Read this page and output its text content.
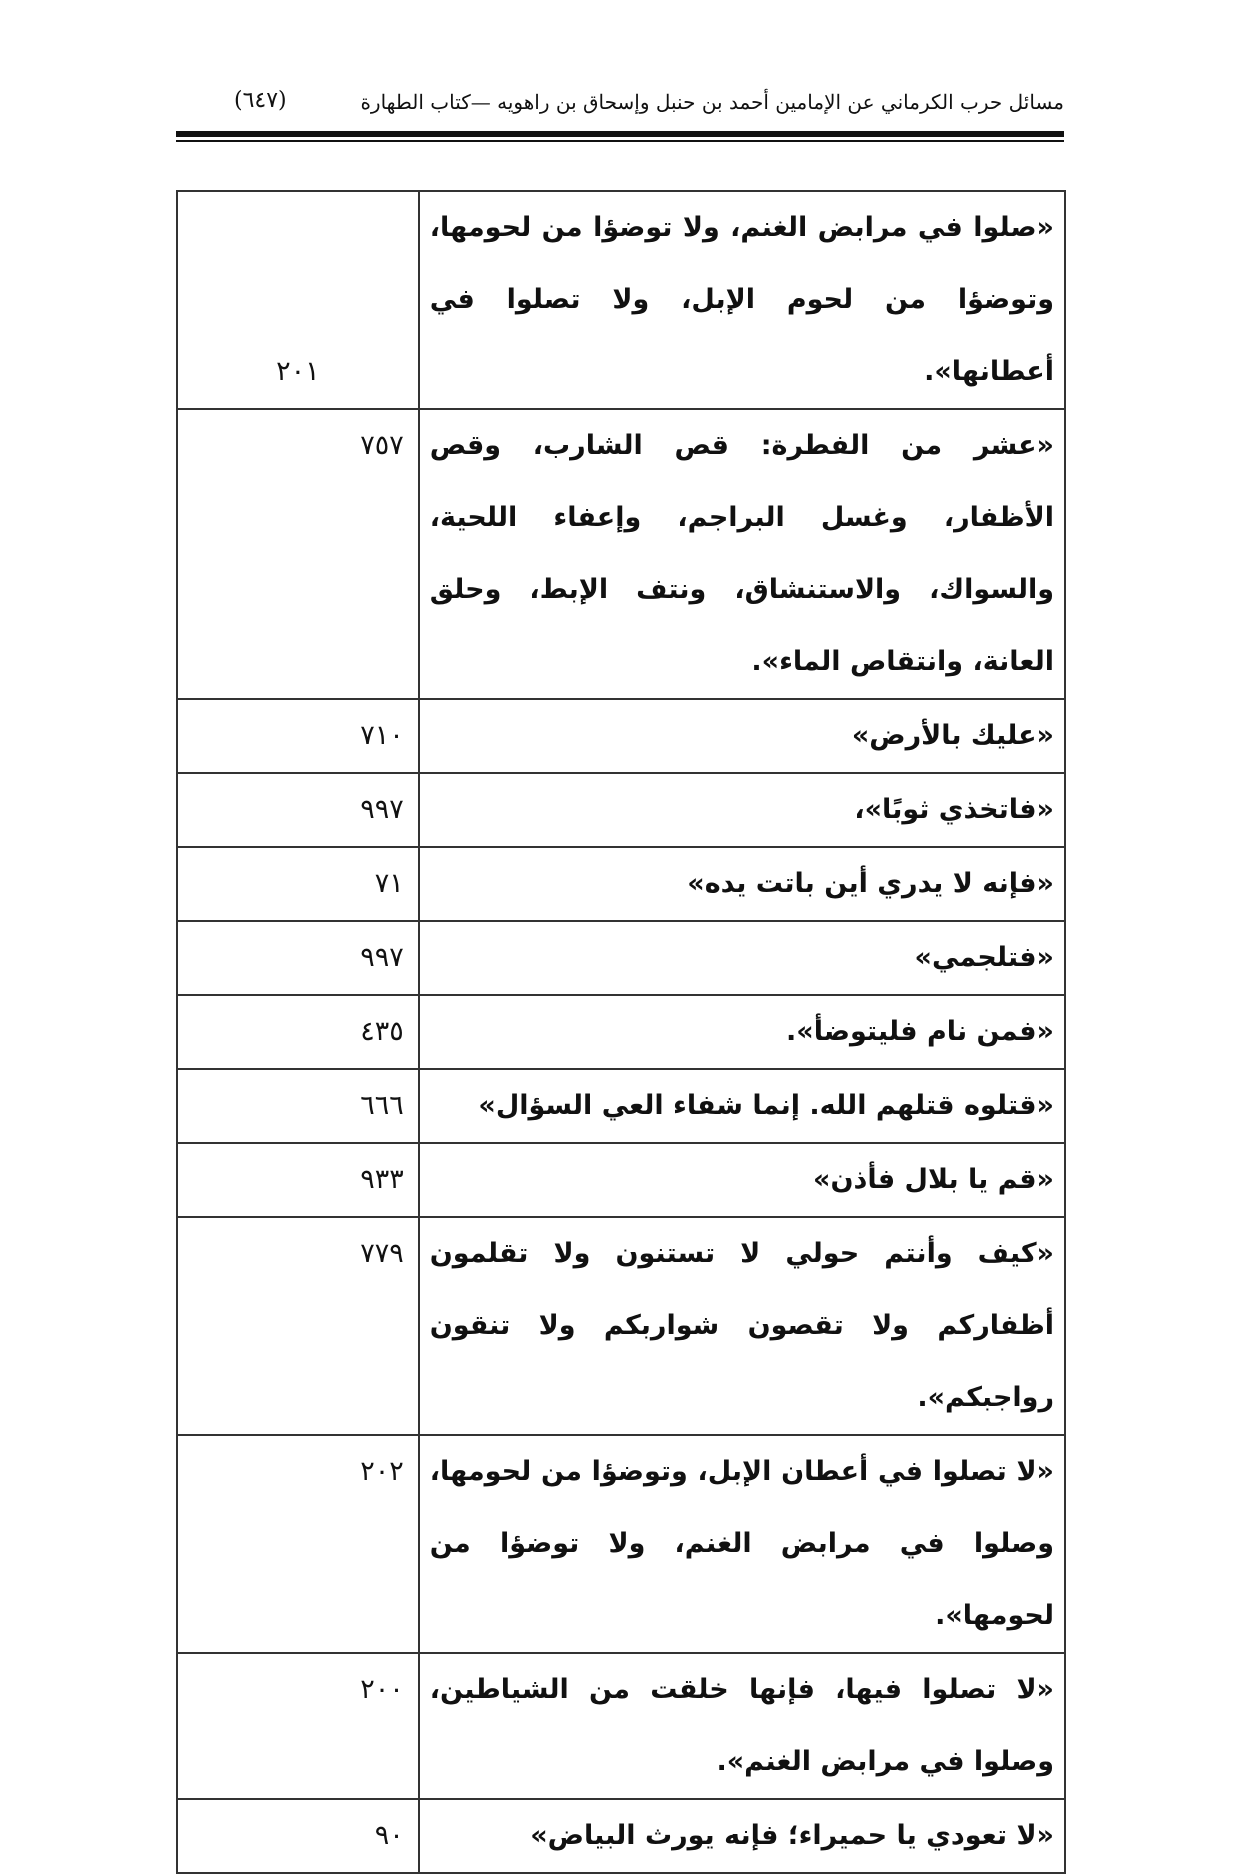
مسائل حرب الكرماني عن الإمامين أحمد بن حنبل وإسحاق بن راهويه —كتاب الطهارة
(٦٤٧)
«صلوا في مرابض الغنم، ولا توضؤا من لحومها، وتوضؤا من لحوم الإبل، ولا تصلوا في أعطانها».	٢٠١
«عشر من الفطرة: قص الشارب، وقص الأظفار، وغسل البراجم، وإعفاء اللحية، والسواك، والاستنشاق، ونتف الإبط، وحلق العانة، وانتقاص الماء».	٧٥٧
«عليك بالأرض»	٧١٠
«فاتخذي ثوبًا»،	٩٩٧
«فإنه لا يدري أين باتت يده»	٧١
«فتلجمي»	٩٩٧
«فمن نام فليتوضأ».	٤٣٥
«قتلوه قتلهم الله. إنما شفاء العي السؤال»	٦٦٦
«قم يا بلال فأذن»	٩٣٣
«كيف وأنتم حولي لا تستنون ولا تقلمون أظفاركم ولا تقصون شواربكم ولا تنقون رواجبكم».	٧٧٩
«لا تصلوا في أعطان الإبل، وتوضؤا من لحومها، وصلوا في مرابض الغنم، ولا توضؤا من لحومها».	٢٠٢
«لا تصلوا فيها، فإنها خلقت من الشياطين، وصلوا في مرابض الغنم».	٢٠٠
«لا تعودي يا حميراء؛ فإنه يورث البياض»	٩٠
